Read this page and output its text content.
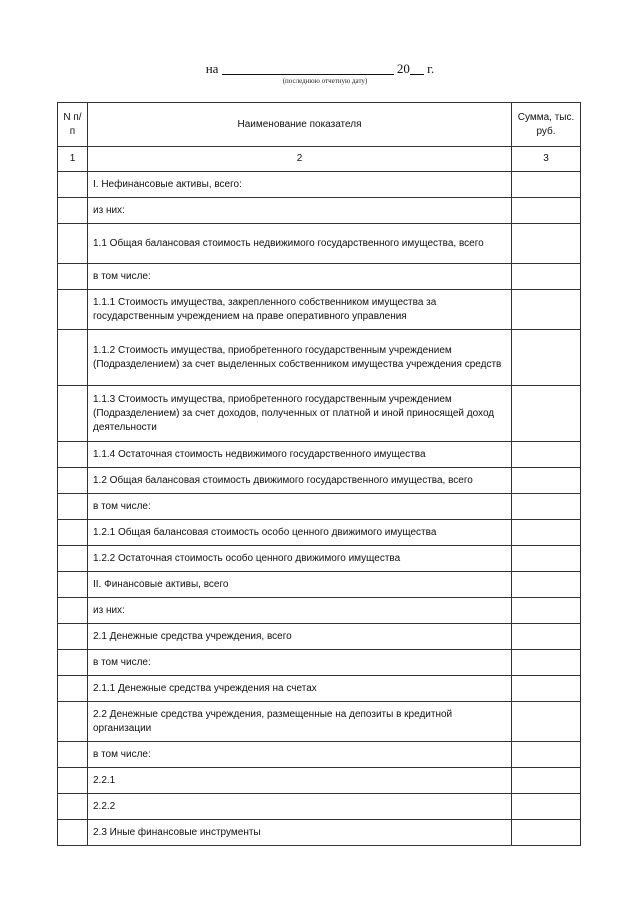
на	20 г.
(последнюю отчетную дату)
N п/п	Наименование показателя	Сумма, тыс. руб.
1	2	3
	I. Нефинансовые активы, всего:	
	из них:	
	1.1 Общая балансовая стоимость недвижимого государственного имущества, всего	
	в том числе:	
	1.1.1 Стоимость имущества, закрепленного собственником имущества за государственным учреждением на праве оперативного управления	
	1.1.2 Стоимость имущества, приобретенного государственным учреждением (Подразделением) за счет выделенных собственником имущества учреждения средств	
	1.1.3 Стоимость имущества, приобретенного государственным учреждением (Подразделением) за счет доходов, полученных от платной и иной приносящей доход деятельности	
	1.1.4 Остаточная стоимость недвижимого государственного имущества	
	1.2 Общая балансовая стоимость движимого государственного имущества, всего	
	в том числе:	
	1.2.1 Общая балансовая стоимость особо ценного движимого имущества	
	1.2.2 Остаточная стоимость особо ценного движимого имущества	
	II. Финансовые активы, всего	
	из них:	
	2.1 Денежные средства учреждения, всего	
	в том числе:	
	2.1.1 Денежные средства учреждения на счетах	
	2.2 Денежные средства учреждения, размещенные на депозиты в кредитной организации	
	в том числе:	
	2.2.1	
	2.2.2	
	2.3 Иные финансовые инструменты	
